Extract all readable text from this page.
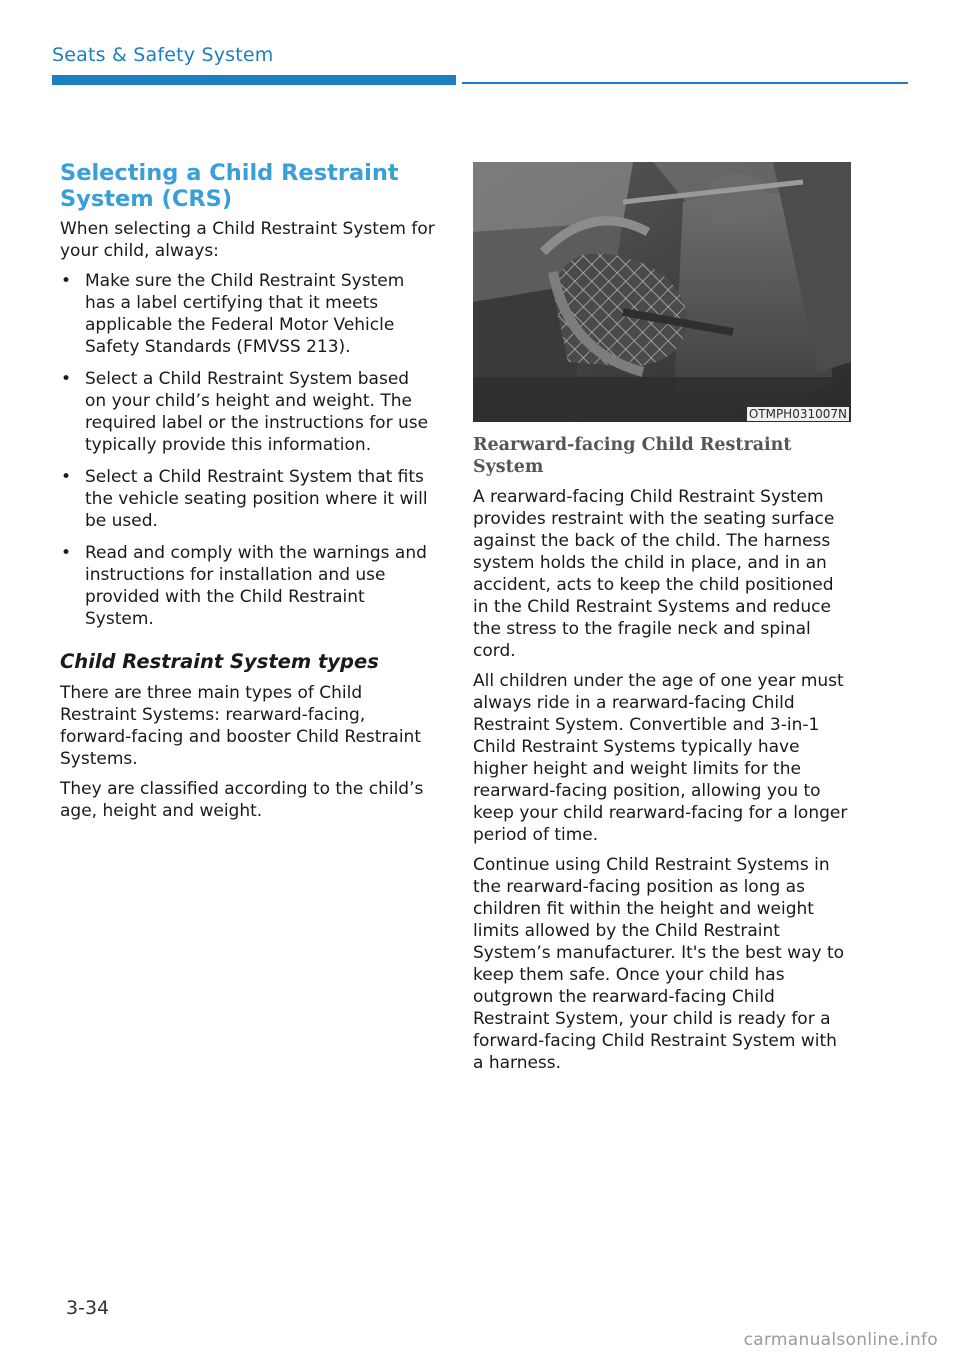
Seats & Safety System
Selecting a Child Restraint
System (CRS)

When selecting a Child Restraint System for your child, always:

• Make sure the Child Restraint System has a label certifying that it meets applicable the Federal Motor Vehicle Safety Standards (FMVSS 213).
• Select a Child Restraint System based on your child’s height and weight. The required label or the instructions for use typically provide this information.
• Select a Child Restraint System that fits the vehicle seating position where it will be used.
• Read and comply with the warnings and instructions for installation and use provided with the Child Restraint System.
Child Restraint System types

There are three main types of Child Restraint Systems: rearward-facing, forward-facing and booster Child Restraint Systems.

They are classified according to the child’s age, height and weight.

OTMPH031007N
Rearward-facing Child Restraint System

A rearward-facing Child Restraint System provides restraint with the seating surface against the back of the child. The harness system holds the child in place, and in an accident, acts to keep the child positioned in the Child Restraint Systems and reduce the stress to the fragile neck and spinal cord.

All children under the age of one year must always ride in a rearward-facing Child Restraint System. Convertible and 3-in-1 Child Restraint Systems typically have higher height and weight limits for the rearward-facing position, allowing you to keep your child rearward-facing for a longer period of time.

Continue using Child Restraint Systems in the rearward-facing position as long as children fit within the height and weight limits allowed by the Child Restraint System’s manufacturer. It's the best way to keep them safe. Once your child has outgrown the rearward-facing Child Restraint System, your child is ready for a forward-facing Child Restraint System with a harness.

3-34
carmanualsonline.info
